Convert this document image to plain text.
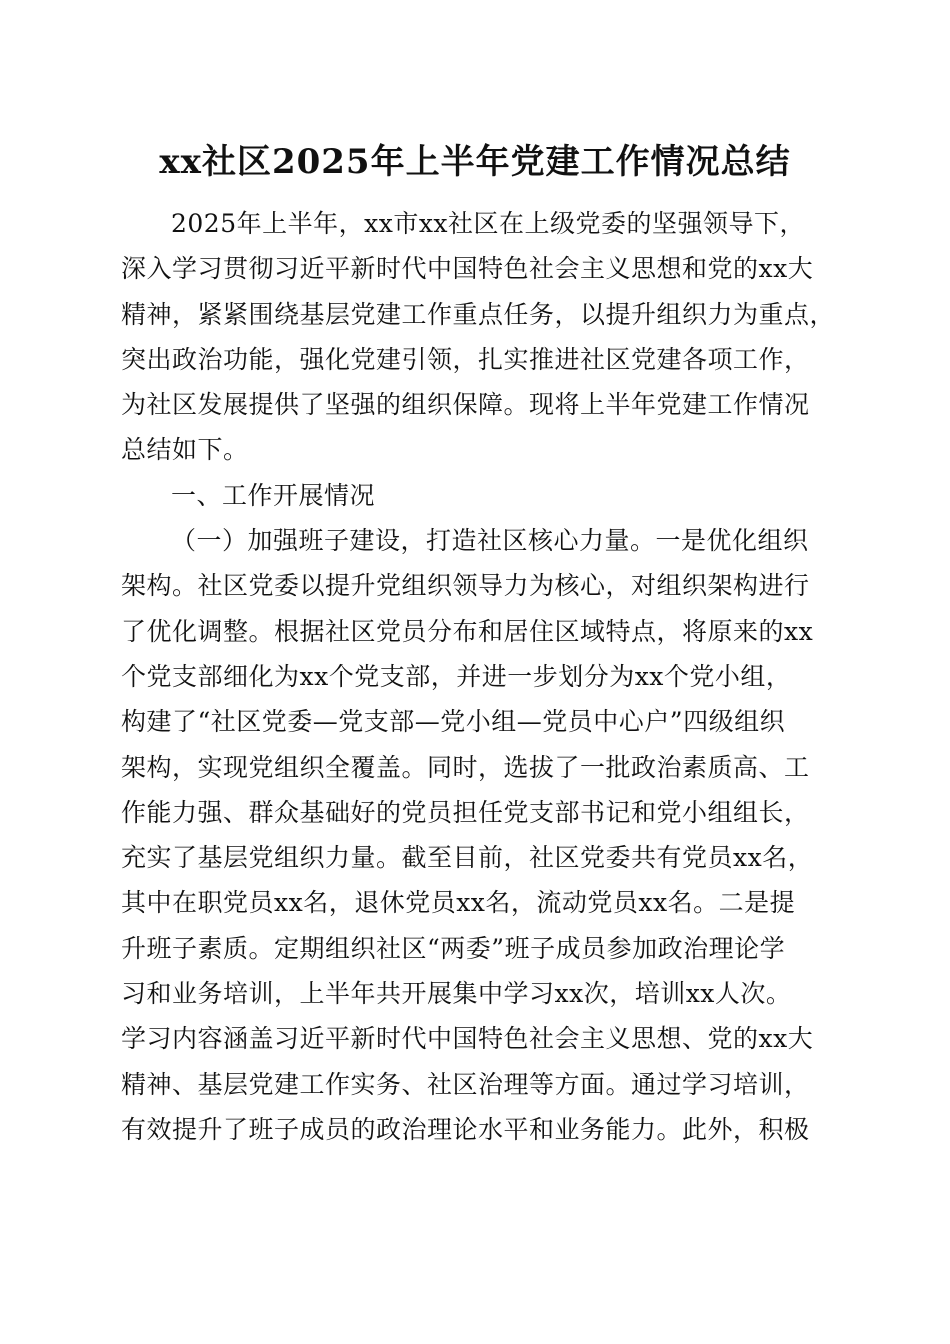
xx社区2025年上半年党建工作情况总结
2025年上半年，xx市xx社区在上级党委的坚强领导下，
深入学习贯彻习近平新时代中国特色社会主义思想和党的xx大
精神，紧紧围绕基层党建工作重点任务，以提升组织力为重点，
突出政治功能，强化党建引领，扎实推进社区党建各项工作，
为社区发展提供了坚强的组织保障。现将上半年党建工作情况
总结如下。
一、工作开展情况
（一）加强班子建设，打造社区核心力量。一是优化组织
架构。社区党委以提升党组织领导力为核心，对组织架构进行
了优化调整。根据社区党员分布和居住区域特点，将原来的xx
个党支部细化为xx个党支部，并进一步划分为xx个党小组，
构建了“社区党委—党支部—党小组—党员中心户”四级组织
架构，实现党组织全覆盖。同时，选拔了一批政治素质高、工
作能力强、群众基础好的党员担任党支部书记和党小组组长，
充实了基层党组织力量。截至目前，社区党委共有党员xx名，
其中在职党员xx名，退休党员xx名，流动党员xx名。二是提
升班子素质。定期组织社区“两委”班子成员参加政治理论学
习和业务培训，上半年共开展集中学习xx次，培训xx人次。
学习内容涵盖习近平新时代中国特色社会主义思想、党的xx大
精神、基层党建工作实务、社区治理等方面。通过学习培训，
有效提升了班子成员的政治理论水平和业务能力。此外，积极
